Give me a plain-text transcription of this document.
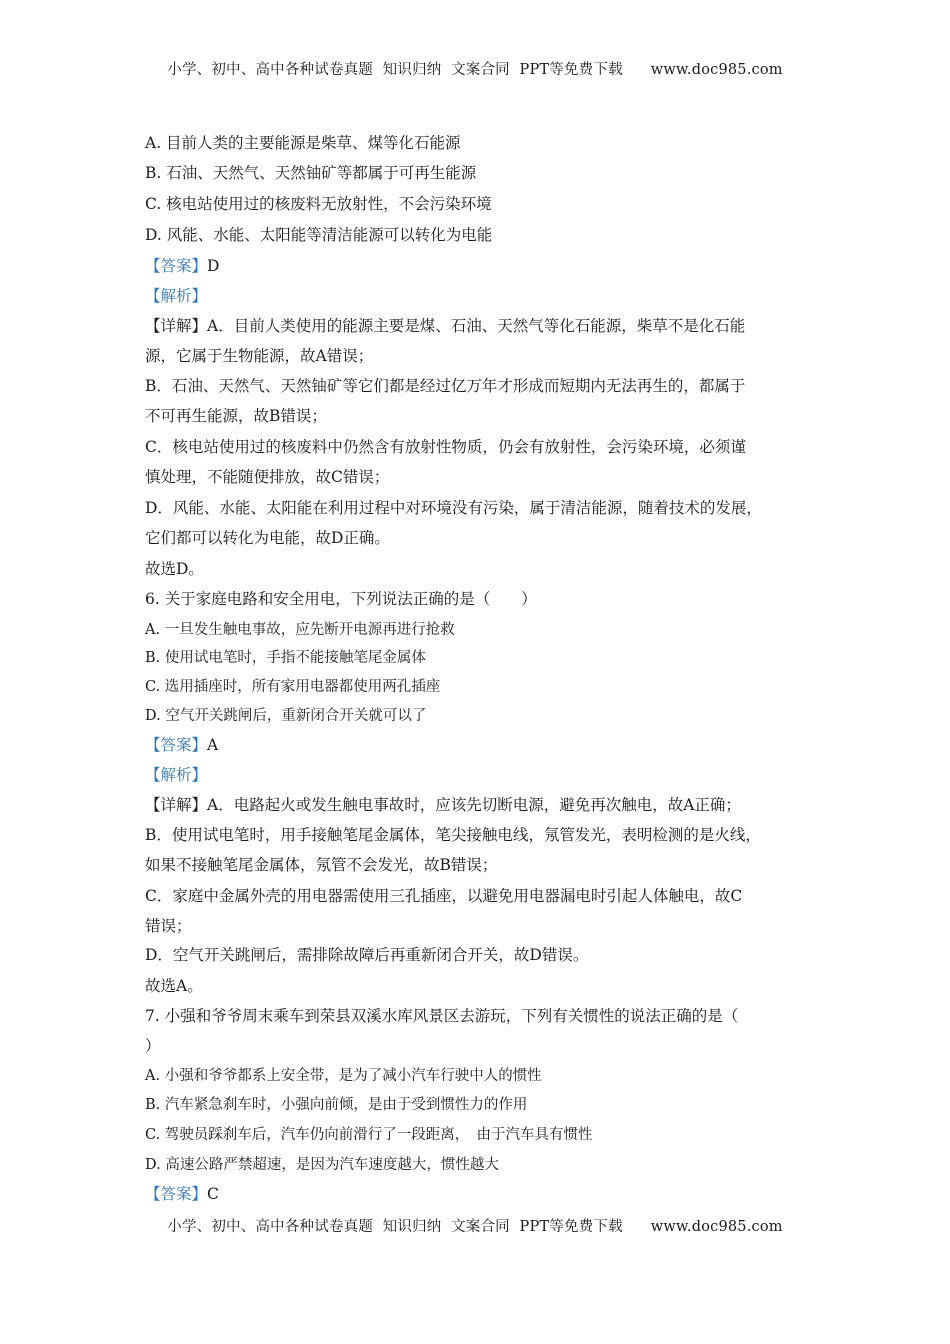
小学、初中、高中各种试卷真题  知识归纳  文案合同  PPT等免费下载 www.doc985.com
A. 目前人类的主要能源是柴草、煤等化石能源
B. 石油、天然气、天然铀矿等都属于可再生能源
C. 核电站使用过的核废料无放射性，不会污染环境
D. 风能、水能、太阳能等清洁能源可以转化为电能
【答案】D
【解析】
【详解】A．目前人类使用的能源主要是煤、石油、天然气等化石能源，柴草不是化石能
源，它属于生物能源，故A错误；
B．石油、天然气、天然铀矿等它们都是经过亿万年才形成而短期内无法再生的，都属于
不可再生能源，故B错误；
C．核电站使用过的核废料中仍然含有放射性物质，仍会有放射性，会污染环境，必须谨
慎处理，不能随便排放，故C错误；
D．风能、水能、太阳能在利用过程中对环境没有污染，属于清洁能源，随着技术的发展，
它们都可以转化为电能，故D正确。
故选D。
6. 关于家庭电路和安全用电，下列说法正确的是（　　）
A. 一旦发生触电事故，应先断开电源再进行抢救
B. 使用试电笔时，手指不能接触笔尾金属体
C. 选用插座时，所有家用电器都使用两孔插座
D. 空气开关跳闸后，重新闭合开关就可以了
【答案】A
【解析】
【详解】A．电路起火或发生触电事故时，应该先切断电源，避免再次触电，故A正确；
B．使用试电笔时，用手接触笔尾金属体，笔尖接触电线，氖管发光，表明检测的是火线，
如果不接触笔尾金属体，氖管不会发光，故B错误；
C．家庭中金属外壳的用电器需使用三孔插座，以避免用电器漏电时引起人体触电，故C
错误；
D．空气开关跳闸后，需排除故障后再重新闭合开关，故D错误。
故选A。
7. 小强和爷爷周末乘车到荣县双溪水库风景区去游玩，下列有关惯性的说法正确的是（
）
A. 小强和爷爷都系上安全带，是为了减小汽车行驶中人的惯性
B. 汽车紧急刹车时，小强向前倾，是由于受到惯性力的作用
C. 驾驶员踩刹车后，汽车仍向前滑行了一段距离，　由于汽车具有惯性
D. 高速公路严禁超速，是因为汽车速度越大，惯性越大
【答案】C
小学、初中、高中各种试卷真题  知识归纳  文案合同  PPT等免费下载 www.doc985.com
